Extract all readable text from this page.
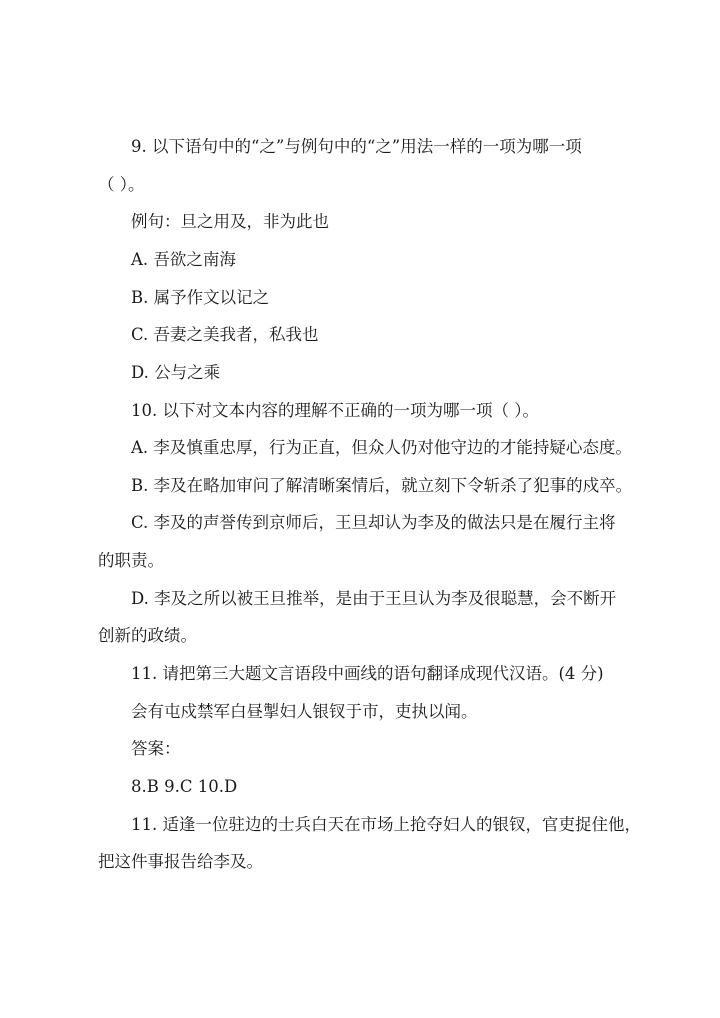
9. 以下语句中的“之”与例句中的“之”用法一样的一项为哪一项
（ ）。
例句：旦之用及，非为此也
A. 吾欲之南海
B. 属予作文以记之
C. 吾妻之美我者，私我也
D. 公与之乘
10. 以下对文本内容的理解不正确的一项为哪一项（ ）。
A. 李及慎重忠厚，行为正直，但众人仍对他守边的才能持疑心态度。
B. 李及在略加审问了解清晰案情后，就立刻下令斩杀了犯事的戍卒。
C. 李及的声誉传到京师后，王旦却认为李及的做法只是在履行主将
的职责。
D. 李及之所以被王旦推举，是由于王旦认为李及很聪慧，会不断开
创新的政绩。
11. 请把第三大题文言语段中画线的语句翻译成现代汉语。(4 分)
会有屯戍禁军白昼掣妇人银钗于市，吏执以闻。
答案：
8.B 9.C 10.D
11. 适逢一位驻边的士兵白天在市场上抢夺妇人的银钗，官吏捉住他，
把这件事报告给李及。
